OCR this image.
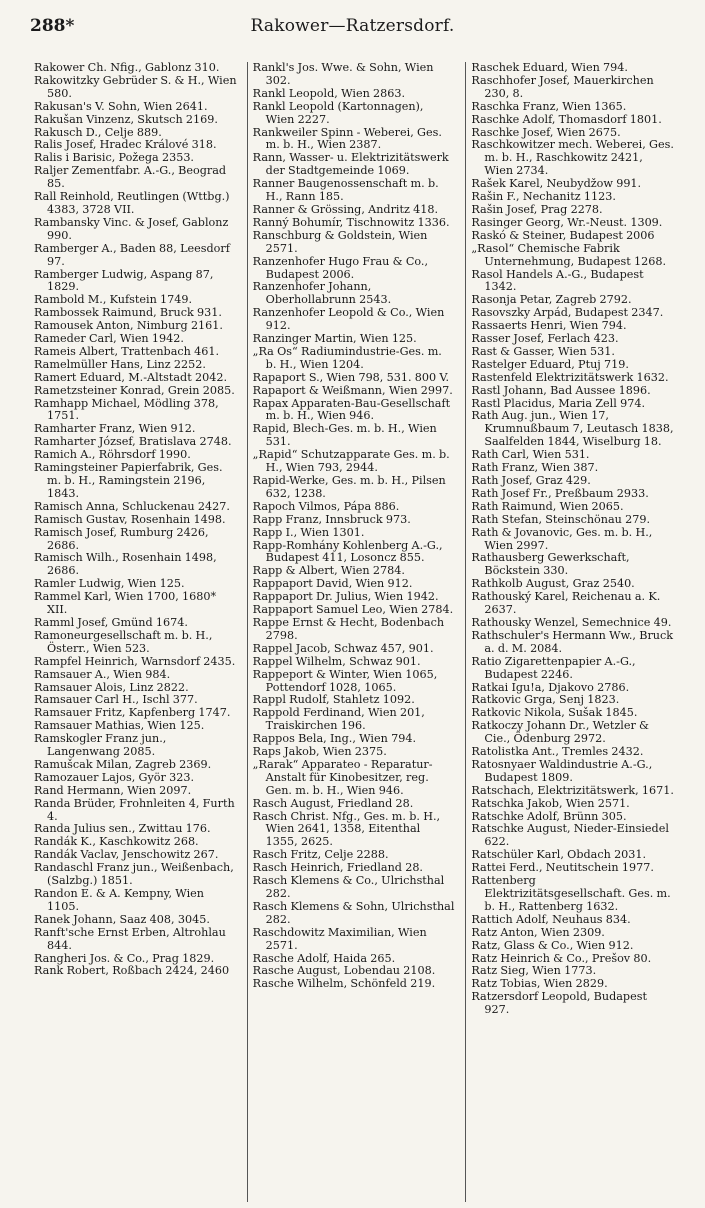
288*	Rakower—Ratzersdorf.
Rakower Ch. Nfig., Gablonz 310.
Rakowitzky Gebrüder S. & H., Wien 580.
Rakusan's V. Sohn, Wien 2641.
Rakušan Vinzenz, Skutsch 2169.
Rakusch D., Celje 889.
Ralis Josef, Hradec Králové 318.
Ralis i Barisic, Požega 2353.
Raljer Zementfabr. A.-G., Beograd 85.
Rall Reinhold, Reutlingen (Wttbg.) 4383, 3728 VII.
Rambansky Vinc. & Josef, Gablonz 990.
Ramberger A., Baden 88, Leesdorf 97.
Ramberger Ludwig, Aspang 87, 1829.
Rambold M., Kufstein 1749.
Rambossek Raimund, Bruck 931.
Ramousek Anton, Nimburg 2161.
Rameder Carl, Wien 1942.
Rameis Albert, Trattenbach 461.
Ramelmüller Hans, Linz 2252.
Ramert Eduard, M.-Altstadt 2042.
Rametzsteiner Konrad, Grein 2085.
Ramhapp Michael, Mödling 378, 1751.
Ramharter Franz, Wien 912.
Ramharter József, Bratislava 2748.
Ramich A., Röhrsdorf 1990.
Ramingsteiner Papierfabrik, Ges. m. b. H., Ramingstein 2196, 1843.
Ramisch Anna, Schluckenau 2427.
Ramisch Gustav, Rosenhain 1498.
Ramisch Josef, Rumburg 2426, 2686.
Ramisch Wilh., Rosenhain 1498, 2686.
Ramler Ludwig, Wien 125.
Rammel Karl, Wien 1700, 1680* XII.
Ramml Josef, Gmünd 1674.
Ramoneurgesellschaft m. b. H., Österr., Wien 523.
Rampfel Heinrich, Warnsdorf 2435.
Ramsauer A., Wien 984.
Ramsauer Alois, Linz 2822.
Ramsauer Carl H., Ischl 377.
Ramsauer Fritz, Kapfenberg 1747.
Ramsauer Mathias, Wien 125.
Ramskogler Franz jun., Langenwang 2085.
Ramušcak Milan, Zagreb 2369.
Ramozauer Lajos, Györ 323.
Rand Hermann, Wien 2097.
Randa Brüder, Frohnleiten 4, Furth 4.
Randa Julius sen., Zwittau 176.
Randák K., Kaschkowitz 268.
Randák Vaclav, Jenschowitz 267.
Randaschl Franz jun., Weißenbach, (Salzbg.) 1851.
Randon E. & A. Kempny, Wien 1105.
Ranek Johann, Saaz 408, 3045.
Ranft'sche Ernst Erben, Altrohlau 844.
Rangheri Jos. & Co., Prag 1829.
Rank Robert, Roßbach 2424, 2460
Rankl's Jos. Wwe. & Sohn, Wien 302.
Rankl Leopold, Wien 2863.
Rankl Leopold (Kartonnagen), Wien 2227.
Rankweiler Spinn - Weberei, Ges. m. b. H., Wien 2387.
Rann, Wasser- u. Elektrizitätswerk der Stadtgemeinde 1069.
Ranner Baugenossenschaft m. b. H., Rann 185.
Ranner & Grössing, Andritz 418.
Ranný Bohumír, Tischnowitz 1336.
Ranschburg & Goldstein, Wien 2571.
Ranzenhofer Hugo Frau & Co., Budapest 2006.
Ranzenhofer Johann, Oberhollabrunn 2543.
Ranzenhofer Leopold & Co., Wien 912.
Ranzinger Martin, Wien 125.
„Ra Os“ Radiumindustrie-Ges. m. b. H., Wien 1204.
Rapaport S., Wien 798, 531. 800 V.
Rapaport & Weißmann, Wien 2997.
Rapax Apparaten-Bau-Gesellschaft m. b. H., Wien 946.
Rapid, Blech-Ges. m. b. H., Wien 531.
„Rapid“ Schutzapparate Ges. m. b. H., Wien 793, 2944.
Rapid-Werke, Ges. m. b. H., Pilsen 632, 1238.
Rapoch Vilmos, Pápa 886.
Rapp Franz, Innsbruck 973.
Rapp I., Wien 1301.
Rapp-Romhány Kohlenberg A.-G., Budapest 411, Losoncz 855.
Rapp & Albert, Wien 2784.
Rappaport David, Wien 912.
Rappaport Dr. Julius, Wien 1942.
Rappaport Samuel Leo, Wien 2784.
Rappe Ernst & Hecht, Bodenbach 2798.
Rappel Jacob, Schwaz 457, 901.
Rappel Wilhelm, Schwaz 901.
Rappeport & Winter, Wien 1065, Pottendorf 1028, 1065.
Rappl Rudolf, Stahletz 1092.
Rappold Ferdinand, Wien 201, Traiskirchen 196.
Rappos Bela, Ing., Wien 794.
Raps Jakob, Wien 2375.
„Rarak“ Apparateo - Reparatur-Anstalt für Kinobesitzer, reg. Gen. m. b. H., Wien 946.
Rasch August, Friedland 28.
Rasch Christ. Nfg., Ges. m. b. H., Wien 2641, 1358, Eitenthal 1355, 2625.
Rasch Fritz, Celje 2288.
Rasch Heinrich, Friedland 28.
Rasch Klemens & Co., Ulrichsthal 282.
Rasch Klemens & Sohn, Ulrichsthal 282.
Raschdowitz Maximilian, Wien 2571.
Rasche Adolf, Haida 265.
Rasche August, Lobendau 2108.
Rasche Wilhelm, Schönfeld 219.
Raschek Eduard, Wien 794.
Raschhofer Josef, Mauerkirchen 230, 8.
Raschka Franz, Wien 1365.
Raschke Adolf, Thomasdorf 1801.
Raschke Josef, Wien 2675.
Raschkowitzer mech. Weberei, Ges. m. b. H., Raschkowitz 2421, Wien 2734.
Rašek Karel, Neubydžow 991.
Rašin F., Nechanitz 1123.
Rašin Josef, Prag 2278.
Rasinger Georg, Wr.-Neust. 1309.
Raskó & Steiner, Budapest 2006
„Rasol“ Chemische Fabrik Unternehmung, Budapest 1268.
Rasol Handels A.-G., Budapest 1342.
Rasonja Petar, Zagreb 2792.
Rasovszky Arpád, Budapest 2347.
Rassaerts Henri, Wien 794.
Rasser Josef, Ferlach 423.
Rast & Gasser, Wien 531.
Rastelger Eduard, Ptuj 719.
Rastenfeld Elektrizitätswerk 1632.
Rastl Johann, Bad Aussee 1896.
Rastl Placidus, Maria Zell 974.
Rath Aug. jun., Wien 17, Krumnußbaum 7, Leutasch 1838, Saalfelden 1844, Wiselburg 18.
Rath Carl, Wien 531.
Rath Franz, Wien 387.
Rath Josef, Graz 429.
Rath Josef Fr., Preßbaum 2933.
Rath Raimund, Wien 2065.
Rath Stefan, Steinschönau 279.
Rath & Jovanovic, Ges. m. b. H., Wien 2997.
Rathausberg Gewerkschaft, Böckstein 330.
Rathkolb August, Graz 2540.
Rathouský Karel, Reichenau a. K. 2637.
Rathousky Wenzel, Semechnice 49.
Rathschuler's Hermann Ww., Bruck a. d. M. 2084.
Ratio Zigarettenpapier A.-G., Budapest 2246.
Ratkai Igu!a, Djakovo 2786.
Ratkovic Grga, Senj 1823.
Ratkovic Nikola, Sušak 1845.
Ratkoczy Johann Dr., Wetzler & Cie., Ödenburg 2972.
Ratolistka Ant., Tremles 2432.
Ratosnyaer Waldindustrie A.-G., Budapest 1809.
Ratschach, Elektrizitätswerk, 1671.
Ratschka Jakob, Wien 2571.
Ratschke Adolf, Brünn 305.
Ratschke August, Nieder-Einsiedel 622.
Ratschüler Karl, Obdach 2031.
Rattei Ferd., Neutitschein 1977.
Rattenberg Elektrizitätsgesellschaft. Ges. m. b. H., Rattenberg 1632.
Rattich Adolf, Neuhaus 834.
Ratz Anton, Wien 2309.
Ratz, Glass & Co., Wien 912.
Ratz Heinrich & Co., Prešov 80.
Ratz Sieg, Wien 1773.
Ratz Tobias, Wien 2829.
Ratzersdorf Leopold, Budapest 927.
